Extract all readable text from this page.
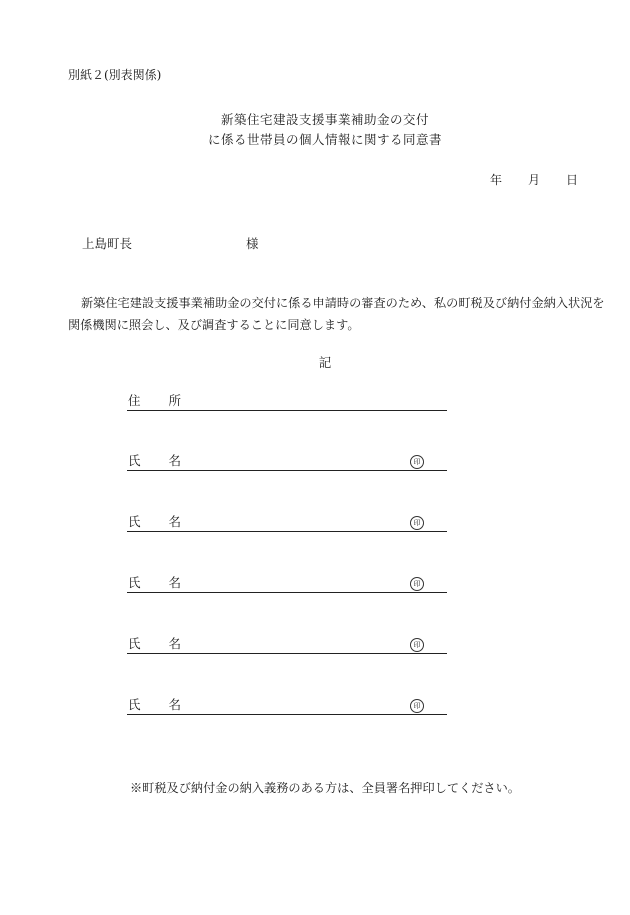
別紙２(別表関係)
新築住宅建設支援事業補助金の交付
に係る世帯員の個人情報に関する同意書
年 月 日
上島町長	様
新築住宅建設支援事業補助金の交付に係る申請時の審査のため、私の町税及び納付金納入状況を関係機関に照会し、及び調査することに同意します。
記
住 所
氏 名	印
氏 名	印
氏 名	印
氏 名	印
氏 名	印
※町税及び納付金の納入義務のある方は、全員署名押印してください。
